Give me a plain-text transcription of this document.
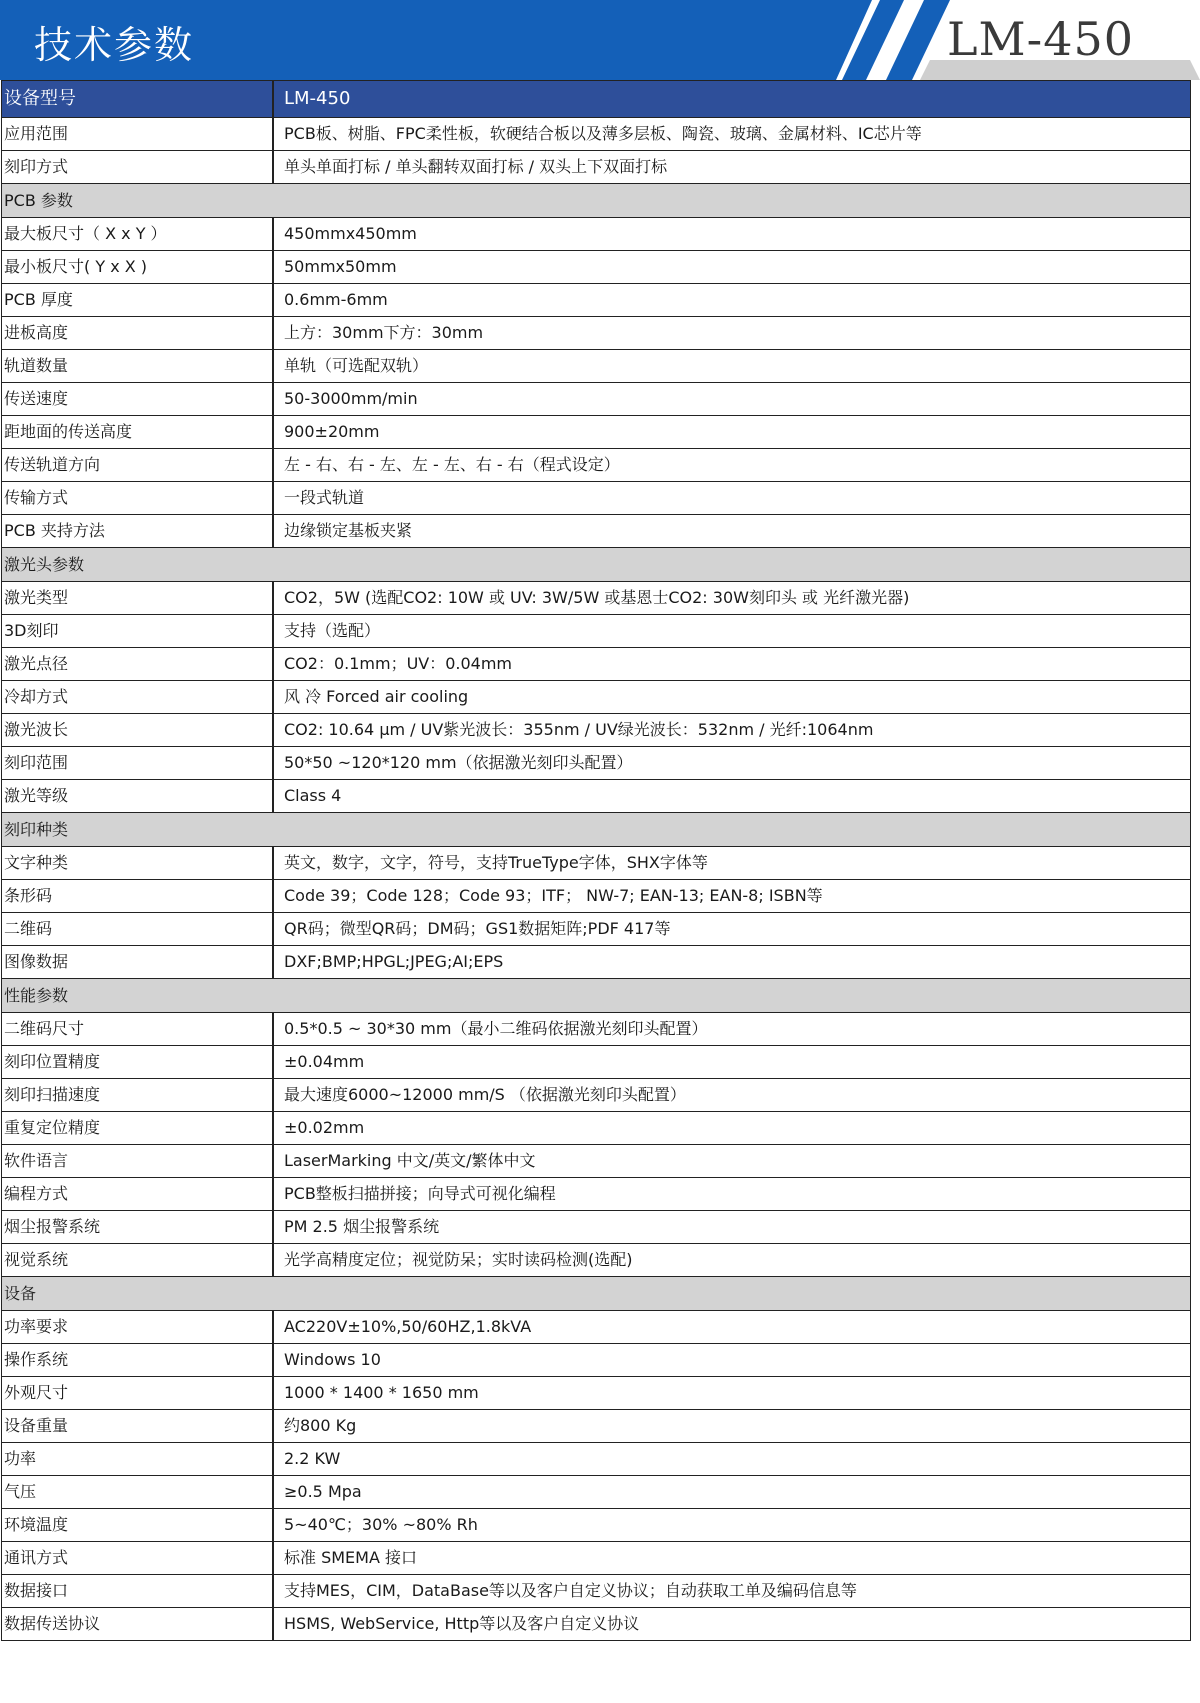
技术参数	LM-450
设备型号	LM-450
应用范围	PCB板、树脂、FPC柔性板，软硬结合板以及薄多层板、陶瓷、玻璃、金属材料、IC芯片等
刻印方式	单头单面打标 / 单头翻转双面打标 / 双头上下双面打标
PCB 参数	
最大板尺寸（ X x Y ）	450mmx450mm
最小板尺寸( Y x X )	50mmx50mm
PCB 厚度	0.6mm-6mm
进板高度	上方：30mm下方：30mm
轨道数量	单轨（可选配双轨）
传送速度	50-3000mm/min
距地面的传送高度	900±20mm
传送轨道方向	左 - 右、右 - 左、左 - 左、右 - 右（程式设定）
传输方式	一段式轨道
PCB 夹持方法	边缘锁定基板夹紧
激光头参数	
激光类型	CO2，5W (选配CO2: 10W 或 UV: 3W/5W 或基恩士CO2: 30W刻印头 或 光纤激光器)
3D刻印	支持（选配）
激光点径	CO2：0.1mm；UV：0.04mm
冷却方式	风 冷 Forced air cooling
激光波长	CO2: 10.64 μm / UV紫光波长：355nm / UV绿光波长：532nm / 光纤:1064nm
刻印范围	50*50 ~120*120 mm（依据激光刻印头配置）
激光等级	Class 4
刻印种类	
文字种类	英文，数字，文字，符号，支持TrueType字体，SHX字体等
条形码	Code 39；Code 128；Code 93；ITF； NW-7; EAN-13; EAN-8; ISBN等
二维码	QR码；微型QR码；DM码；GS1数据矩阵;PDF 417等
图像数据	DXF;BMP;HPGL;JPEG;AI;EPS
性能参数	
二维码尺寸	0.5*0.5 ~ 30*30 mm（最小二维码依据激光刻印头配置）
刻印位置精度	±0.04mm
刻印扫描速度	最大速度6000~12000 mm/S （依据激光刻印头配置）
重复定位精度	±0.02mm
软件语言	LaserMarking 中文/英文/繁体中文
编程方式	PCB整板扫描拼接；向导式可视化编程
烟尘报警系统	PM 2.5 烟尘报警系统
视觉系统	光学高精度定位；视觉防呆；实时读码检测(选配)
设备	
功率要求	AC220V±10%,50/60HZ,1.8kVA
操作系统	Windows 10
外观尺寸	1000 * 1400 * 1650 mm
设备重量	约800 Kg
功率	2.2 KW
气压	≥0.5 Mpa
环境温度	5~40℃；30% ~80% Rh
通讯方式	标准 SMEMA 接口
数据接口	支持MES，CIM，DataBase等以及客户自定义协议；自动获取工单及编码信息等
数据传送协议	HSMS, WebService, Http等以及客户自定义协议
